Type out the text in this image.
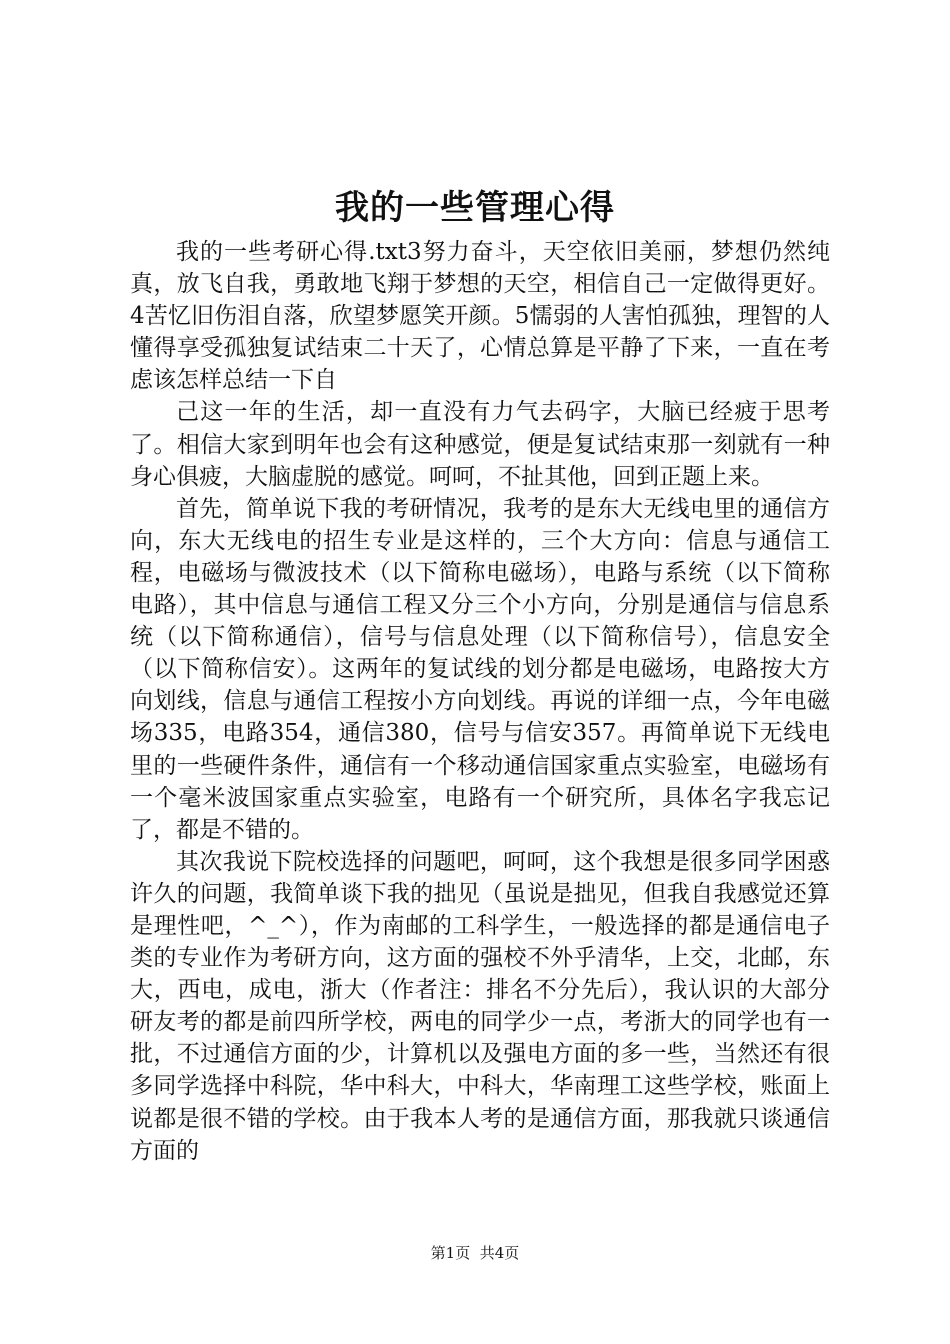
我的一些管理心得

我的一些考研心得.txt3努力奋斗，天空依旧美丽，梦想仍然纯真，放飞自我，勇敢地飞翔于梦想的天空，相信自己一定做得更好。4苦忆旧伤泪自落，欣望梦愿笑开颜。5懦弱的人害怕孤独，理智的人懂得享受孤独复试结束二十天了，心情总算是平静了下来，一直在考虑该怎样总结一下自

己这一年的生活，却一直没有力气去码字，大脑已经疲于思考了。相信大家到明年也会有这种感觉，便是复试结束那一刻就有一种身心俱疲，大脑虚脱的感觉。呵呵，不扯其他，回到正题上来。

首先，简单说下我的考研情况，我考的是东大无线电里的通信方向，东大无线电的招生专业是这样的，三个大方向：信息与通信工程，电磁场与微波技术（以下简称电磁场），电路与系统（以下简称电路），其中信息与通信工程又分三个小方向，分别是通信与信息系统（以下简称通信），信号与信息处理（以下简称信号），信息安全（以下简称信安）。这两年的复试线的划分都是电磁场，电路按大方向划线，信息与通信工程按小方向划线。再说的详细一点，今年电磁场335，电路354，通信380，信号与信安357。再简单说下无线电里的一些硬件条件，通信有一个移动通信国家重点实验室，电磁场有一个毫米波国家重点实验室，电路有一个研究所，具体名字我忘记了，都是不错的。

其次我说下院校选择的问题吧，呵呵，这个我想是很多同学困惑许久的问题，我简单谈下我的拙见（虽说是拙见，但我自我感觉还算是理性吧，^_^），作为南邮的工科学生，一般选择的都是通信电子类的专业作为考研方向，这方面的强校不外乎清华，上交，北邮，东大，西电，成电，浙大（作者注：排名不分先后），我认识的大部分研友考的都是前四所学校，两电的同学少一点，考浙大的同学也有一批，不过通信方面的少，计算机以及强电方面的多一些，当然还有很多同学选择中科院，华中科大，中科大，华南理工这些学校，账面上说都是很不错的学校。由于我本人考的是通信方面，那我就只谈通信方面的

第1页 共4页
